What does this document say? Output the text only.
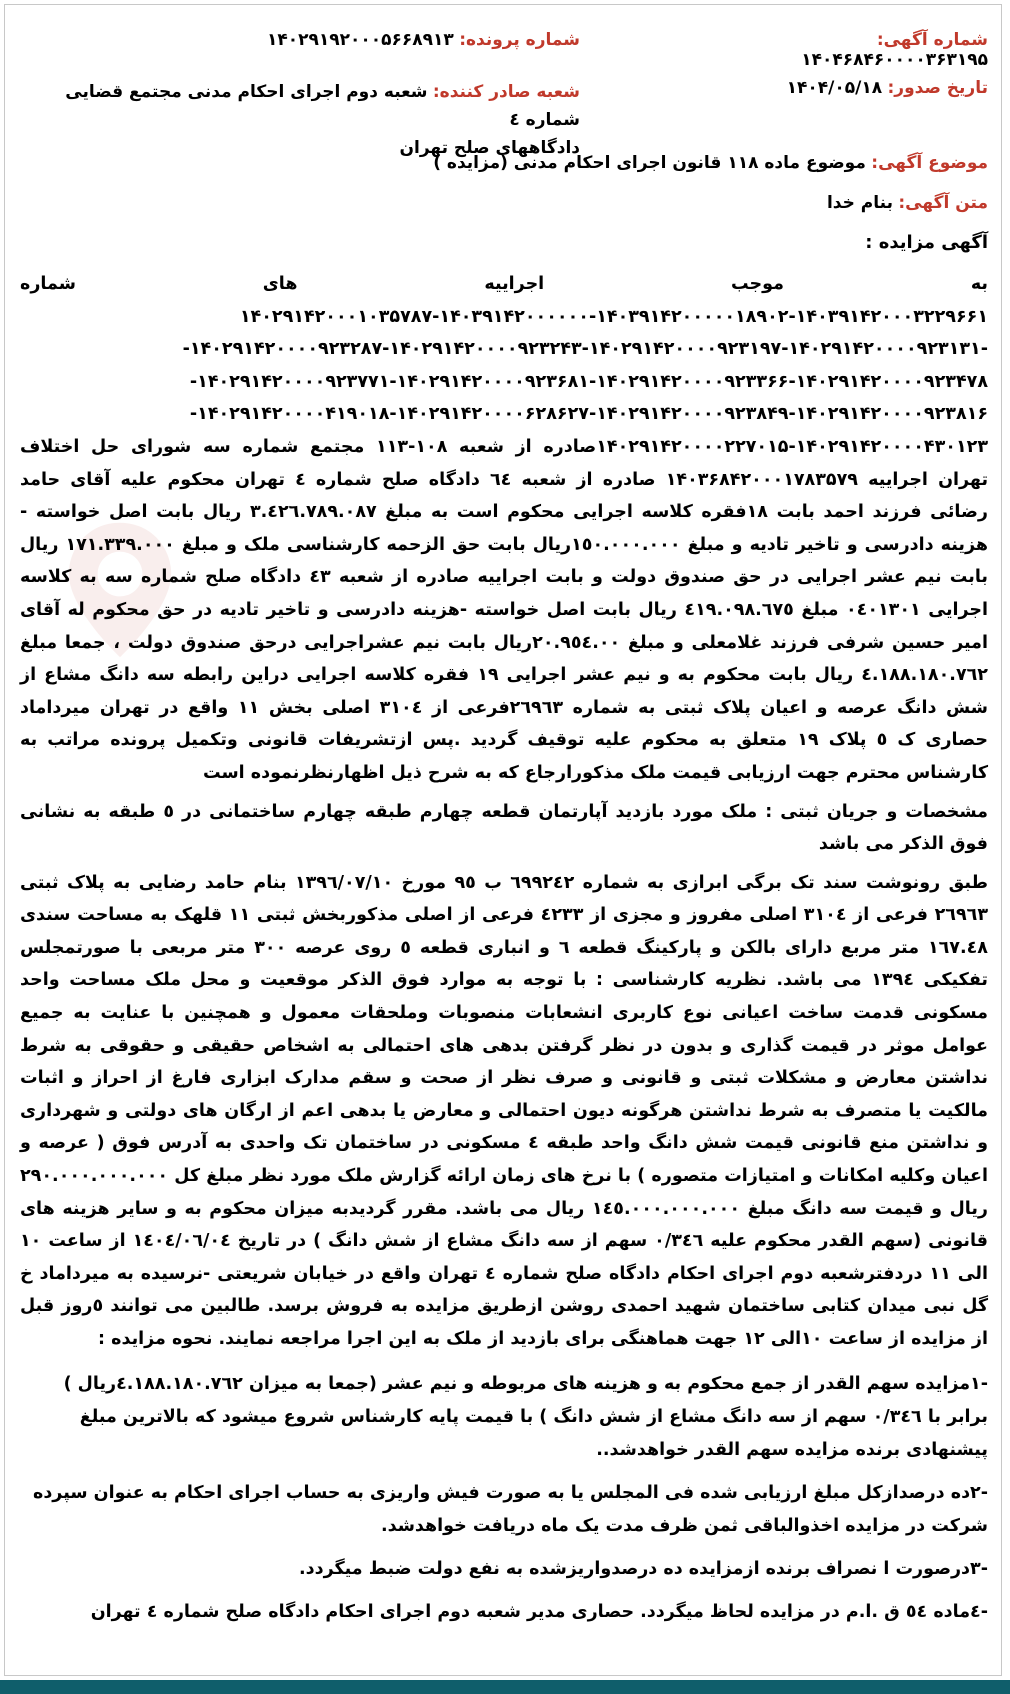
شماره آگهی: ۱۴۰۴۶۸۴۶۰۰۰۰۳۶۳۱۹۵
شماره پرونده: ۱۴۰۲۹۱۹۲۰۰۰۵۶۶۸۹۱۳
تاریخ صدور: ۱۴۰۴/۰۵/۱۸
شعبه صادر کننده: شعبه دوم اجرای احکام مدنی مجتمع قضایی شماره ٤
دادگاههای صلح تهران
موضوع آگهی: موضوع ماده ۱۱۸ قانون اجرای احکام مدنی (مزایده )
متن آگهی: بنام خدا
آگهی مزایده :

به موجب اجراییه های شماره ۱۴۰۳۹۱۴۲۰۰۰۳۲۲۹۶۶۱-۱۴۰۳۹۱۴۲۰۰۰۰۰۱۸۹۰۲-۱۴۰۳۹۱۴۲۰۰۰۰۰۰-۱۴۰۲۹۱۴۲۰۰۰۱۰۳۵۷۸۷ -۱۴۰۲۹۱۴۲۰۰۰۰۹۲۳۱۳۱-۱۴۰۲۹۱۴۲۰۰۰۰۹۲۳۱۹۷-۱۴۰۲۹۱۴۲۰۰۰۰۹۲۳۲۴۳-۱۴۰۲۹۱۴۲۰۰۰۰۹۲۳۲۸۷- ۱۴۰۲۹۱۴۲۰۰۰۰۹۲۳۴۷۸-۱۴۰۲۹۱۴۲۰۰۰۰۹۲۳۳۶۶-۱۴۰۲۹۱۴۲۰۰۰۰۹۲۳۶۸۱-۱۴۰۲۹۱۴۲۰۰۰۰۹۲۳۷۷۱- ۱۴۰۲۹۱۴۲۰۰۰۰۹۲۳۸۱۶-۱۴۰۲۹۱۴۲۰۰۰۰۹۲۳۸۴۹-۱۴۰۲۹۱۴۲۰۰۰۰۶۲۸۶۲۷-۱۴۰۲۹۱۴۲۰۰۰۰۴۱۹۰۱۸- ۱۴۰۲۹۱۴۲۰۰۰۰۴۳۰۱۲۳-۱۴۰۲۹۱۴۲۰۰۰۰۲۲۷۰۱۵صادره از شعبه ۱۰۸-۱۱۳ مجتمع شماره سه شورای حل اختلاف تهران اجراییه ۱۴۰۳۶۸۴۲۰۰۰۱۷۸۳۵۷۹ صادره از شعبه ٦٤ دادگاه صلح شماره ٤ تهران محکوم علیه آقای حامد رضائی فرزند احمد بابت ۱۸فقره کلاسه اجرایی محکوم است به مبلغ ٣.٤٢٦.٧٨٩.٠٨٧ ریال بابت اصل خواسته - هزینه دادرسی و تاخیر تادیه و مبلغ ١٥٠.٠٠٠.٠٠٠ریال بابت حق الزحمه کارشناسی ملک و مبلغ ١٧١.٣٣٩.٠٠٠ ریال بابت نیم عشر اجرایی در حق صندوق دولت و بابت اجراییه صادره از شعبه ٤٣ دادگاه صلح شماره سه به کلاسه اجرایی ٠٤٠١٣٠١ مبلغ ٤١٩.٠٩٨.٦٧٥ ریال بابت اصل خواسته -هزینه دادرسی و تاخیر تادیه در حق محکوم له آقای امیر حسین شرفی فرزند غلامعلی و مبلغ ٢٠.٩٥٤.٠٠ریال بابت نیم عشراجرایی درحق صندوق دولت ، جمعا مبلغ ٤.١٨٨.١٨٠.٧٦٢ ریال بابت محکوم به و نیم عشر اجرایی ١٩ فقره کلاسه اجرایی دراین رابطه سه دانگ مشاع از شش دانگ عرصه و اعیان پلاک ثبتی به شماره ٢٦٩٦٣فرعی از ٣١٠٤ اصلی بخش ١١ واقع در تهران میرداماد حصاری ک ٥ پلاک ١٩ متعلق به محکوم علیه توقیف گردید .پس ازتشریفات قانونی وتکمیل پرونده مراتب به کارشناس محترم جهت ارزیابی قیمت ملک مذکورارجاع که به شرح ذیل اظهارنظرنموده است

مشخصات و جریان ثبتی : ملک مورد بازدید آپارتمان قطعه چهارم طبقه چهارم ساختمانی در ٥ طبقه به نشانی فوق الذکر می باشد

طبق رونوشت سند تک برگی ابرازی به شماره ٦٩٩٢٤٢ ب ٩٥ مورخ ١٣٩٦/٠٧/١٠ بنام حامد رضایی به پلاک ثبتی ٢٦٩٦٣ فرعی از ٣١٠٤ اصلی مفروز و مجزی از ٤٢٣٣ فرعی از اصلی مذکوربخش ثبتی ١١ قلهک به مساحت سندی ١٦٧.٤٨ متر مربع دارای بالکن و پارکینگ قطعه ٦ و انباری قطعه ٥ روی عرصه ٣٠٠ متر مربعی با صورتمجلس تفکیکی ١٣٩٤ می باشد. نظریه کارشناسی : با توجه به موارد فوق الذکر موقعیت و محل ملک مساحت واحد مسکونی قدمت ساخت اعیانی نوع کاربری انشعابات منصوبات وملحقات معمول و همچنین با عنایت به جمیع عوامل موثر در قیمت گذاری و بدون در نظر گرفتن بدهی های احتمالی به اشخاص حقیقی و حقوقی به شرط نداشتن معارض و مشکلات ثبتی و قانونی و صرف نظر از صحت و سقم مدارک ابزاری فارغ از احراز و اثبات مالکیت یا متصرف به شرط نداشتن هرگونه دیون احتمالی و معارض یا بدهی اعم از ارگان های دولتی و شهرداری و نداشتن منع قانونی قیمت شش دانگ واحد طبقه ٤ مسکونی در ساختمان تک واحدی به آدرس فوق ( عرصه و اعیان وکلیه امکانات و امتیازات متصوره ) با نرخ های زمان ارائه گزارش ملک مورد نظر مبلغ کل ٢٩٠.٠٠٠.٠٠٠.٠٠٠ ریال و قیمت سه دانگ مبلغ ١٤٥.٠٠٠.٠٠٠.٠٠٠ ریال می باشد. مقرر گردیدبه میزان محکوم به و سایر هزینه های قانونی (سهم القدر محکوم علیه ٠/٣٤٦ سهم از سه دانگ مشاع از شش دانگ ) در تاریخ ١٤٠٤/٠٦/٠٤ از ساعت ١٠ الی ١١ دردفترشعبه دوم اجرای احکام دادگاه صلح شماره ٤ تهران واقع در خیابان شریعتی -نرسیده به میرداماد خ گل نبی میدان کتابی ساختمان شهید احمدی روشن ازطریق مزایده به فروش برسد. طالبین می توانند ٥روز قبل از مزایده از ساعت ١٠الی ١٢ جهت هماهنگی برای بازدید از ملک به این اجرا مراجعه نمایند. نحوه مزایده :

-١مزایده سهم القدر از جمع محکوم به و هزینه های مربوطه و نیم عشر (جمعا به میزان ٤.١٨٨.١٨٠.٧٦٢ریال ) برابر با ٠/٣٤٦ سهم از سه دانگ مشاع از شش دانگ ) با قیمت پایه کارشناس شروع میشود که بالاترین مبلغ پیشنهادی برنده مزایده سهم القدر خواهدشد..

-٢ده درصدازکل مبلغ ارزیابی شده فی المجلس یا به صورت فیش واریزی به حساب اجرای احکام به عنوان سپرده شرکت در مزایده اخذوالباقی ثمن ظرف مدت یک ماه دریافت خواهدشد.

-٣درصورت ا نصراف برنده ازمزایده ده درصدواریزشده به نفع دولت ضبط میگردد.

-٤ماده ٥٤ ق .ا.م در مزایده لحاظ میگردد. حصاری مدیر شعبه دوم اجرای احکام دادگاه صلح شماره ٤ تهران
